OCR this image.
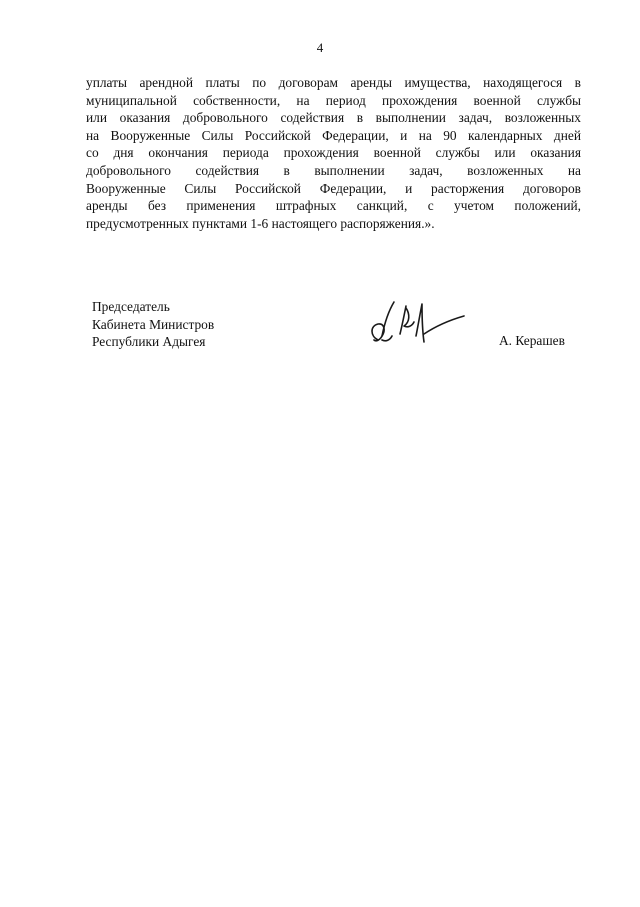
4
уплаты арендной платы по договорам аренды имущества, находящегося в
муниципальной собственности, на период прохождения военной службы
или оказания добровольного содействия в выполнении задач, возложенных
на Вооруженные Силы Российской Федерации, и на 90 календарных дней
со дня окончания периода прохождения военной службы или оказания
добровольного содействия в выполнении задач, возложенных на
Вооруженные Силы Российской Федерации, и расторжения договоров
аренды без применения штрафных санкций, с учетом положений,
предусмотренных пунктами 1-6 настоящего распоряжения.».
Председатель
Кабинета Министров
Республики Адыгея	А. Керашев
